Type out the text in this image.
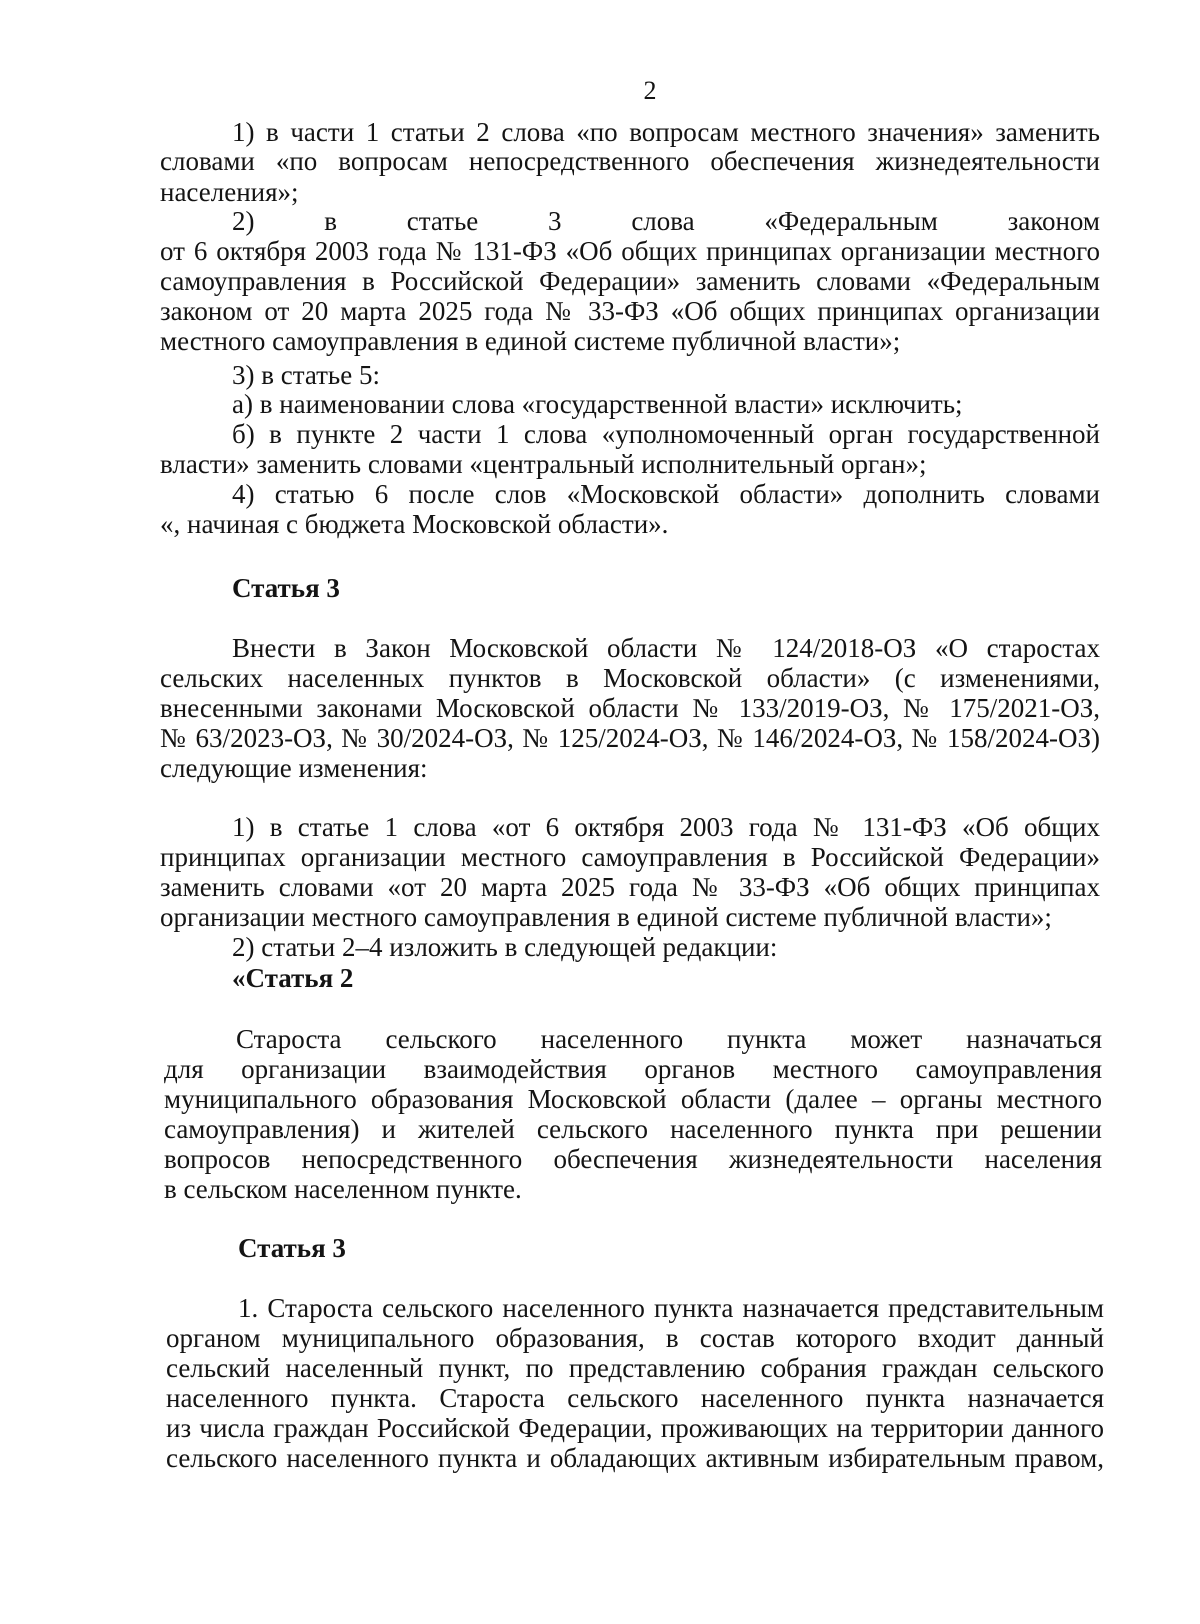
2
1) в части 1 статьи 2 слова «по вопросам местного значения» заменить
словами «по вопросам непосредственного обеспечения жизнедеятельности
населения»;
2) в статье 3 слова «Федеральным законом
от 6 октября 2003 года № 131-ФЗ «Об общих принципах организации местного
самоуправления в Российской Федерации» заменить словами «Федеральным
законом от 20 марта 2025 года № 33-ФЗ «Об общих принципах организации
местного самоуправления в единой системе публичной власти»;
3) в статье 5:
а) в наименовании слова «государственной власти» исключить;
б) в пункте 2 части 1 слова «уполномоченный орган государственной
власти» заменить словами «центральный исполнительный орган»;
4) статью 6 после слов «Московской области» дополнить словами
«, начиная с бюджета Московской области».
Статья 3
Внести в Закон Московской области № 124/2018-ОЗ «О старостах
сельских населенных пунктов в Московской области» (с изменениями,
внесенными законами Московской области № 133/2019-ОЗ, № 175/2021-ОЗ,
№ 63/2023-ОЗ, № 30/2024-ОЗ, № 125/2024-ОЗ, № 146/2024-ОЗ, № 158/2024-ОЗ)
следующие изменения:
1) в статье 1 слова «от 6 октября 2003 года № 131-ФЗ «Об общих
принципах организации местного самоуправления в Российской Федерации»
заменить словами «от 20 марта 2025 года № 33-ФЗ «Об общих принципах
организации местного самоуправления в единой системе публичной власти»;
2) статьи 2–4 изложить в следующей редакции:
«Статья 2
Староста сельского населенного пункта может назначаться
для организации взаимодействия органов местного самоуправления
муниципального образования Московской области (далее – органы местного
самоуправления) и жителей сельского населенного пункта при решении
вопросов непосредственного обеспечения жизнедеятельности населения
в сельском населенном пункте.
Статья 3
1. Староста сельского населенного пункта назначается представительным
органом муниципального образования, в состав которого входит данный
сельский населенный пункт, по представлению собрания граждан сельского
населенного пункта. Староста сельского населенного пункта назначается
из числа граждан Российской Федерации, проживающих на территории данного
сельского населенного пункта и обладающих активным избирательным правом,
